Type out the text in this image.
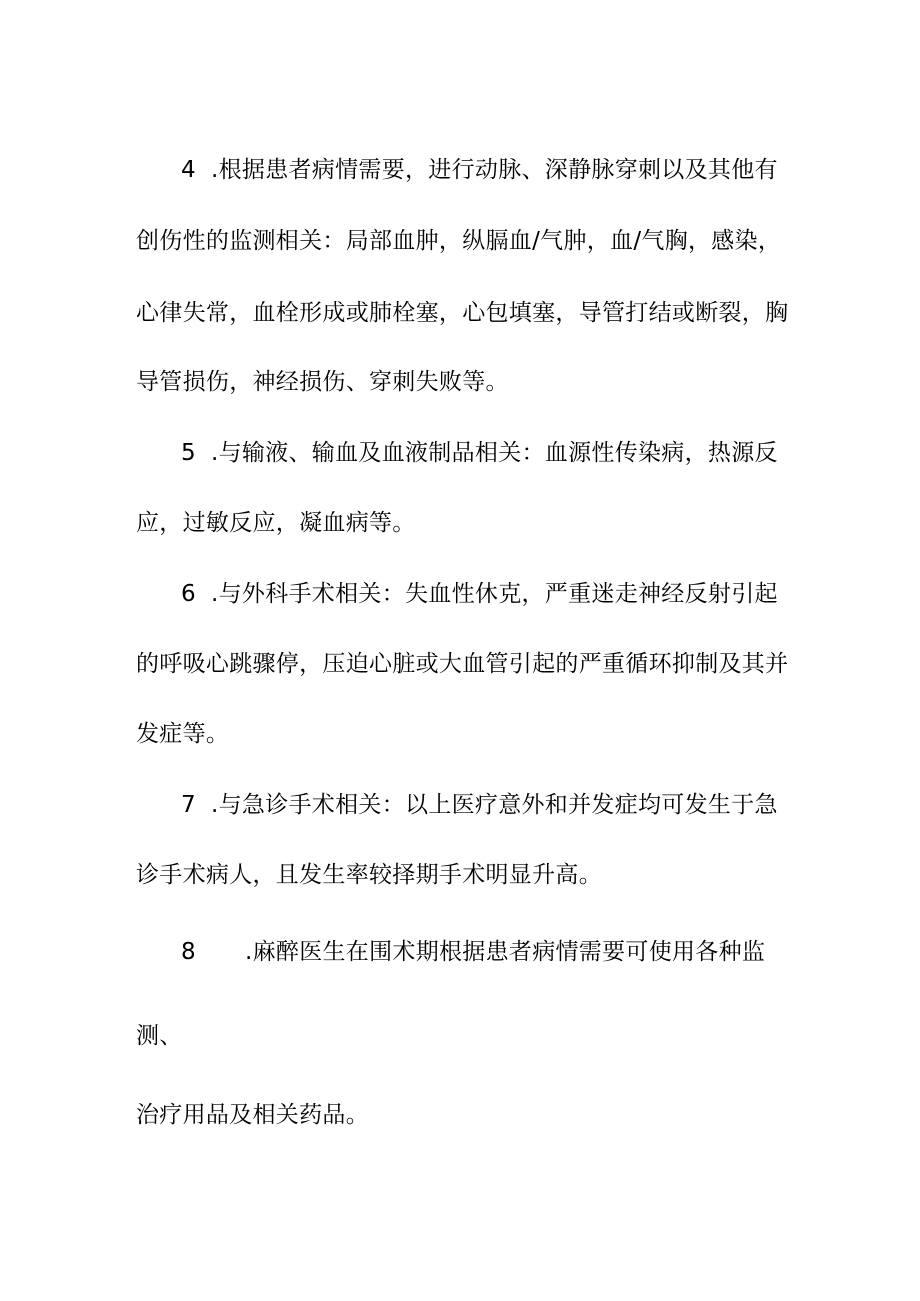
4 .根据患者病情需要，进行动脉、深静脉穿刺以及其他有
创伤性的监测相关：局部血肿，纵膈血/气肿，血/气胸，感染，
心律失常，血栓形成或肺栓塞，心包填塞，导管打结或断裂，胸
导管损伤，神经损伤、穿刺失败等。
5 .与输液、输血及血液制品相关：血源性传染病，热源反
应，过敏反应，凝血病等。
6 .与外科手术相关：失血性休克，严重迷走神经反射引起
的呼吸心跳骤停，压迫心脏或大血管引起的严重循环抑制及其并
发症等。
7 .与急诊手术相关：以上医疗意外和并发症均可发生于急
诊手术病人，且发生率较择期手术明显升高。
8 .麻醉医生在围术期根据患者病情需要可使用各种监
测、
治疗用品及相关药品。
